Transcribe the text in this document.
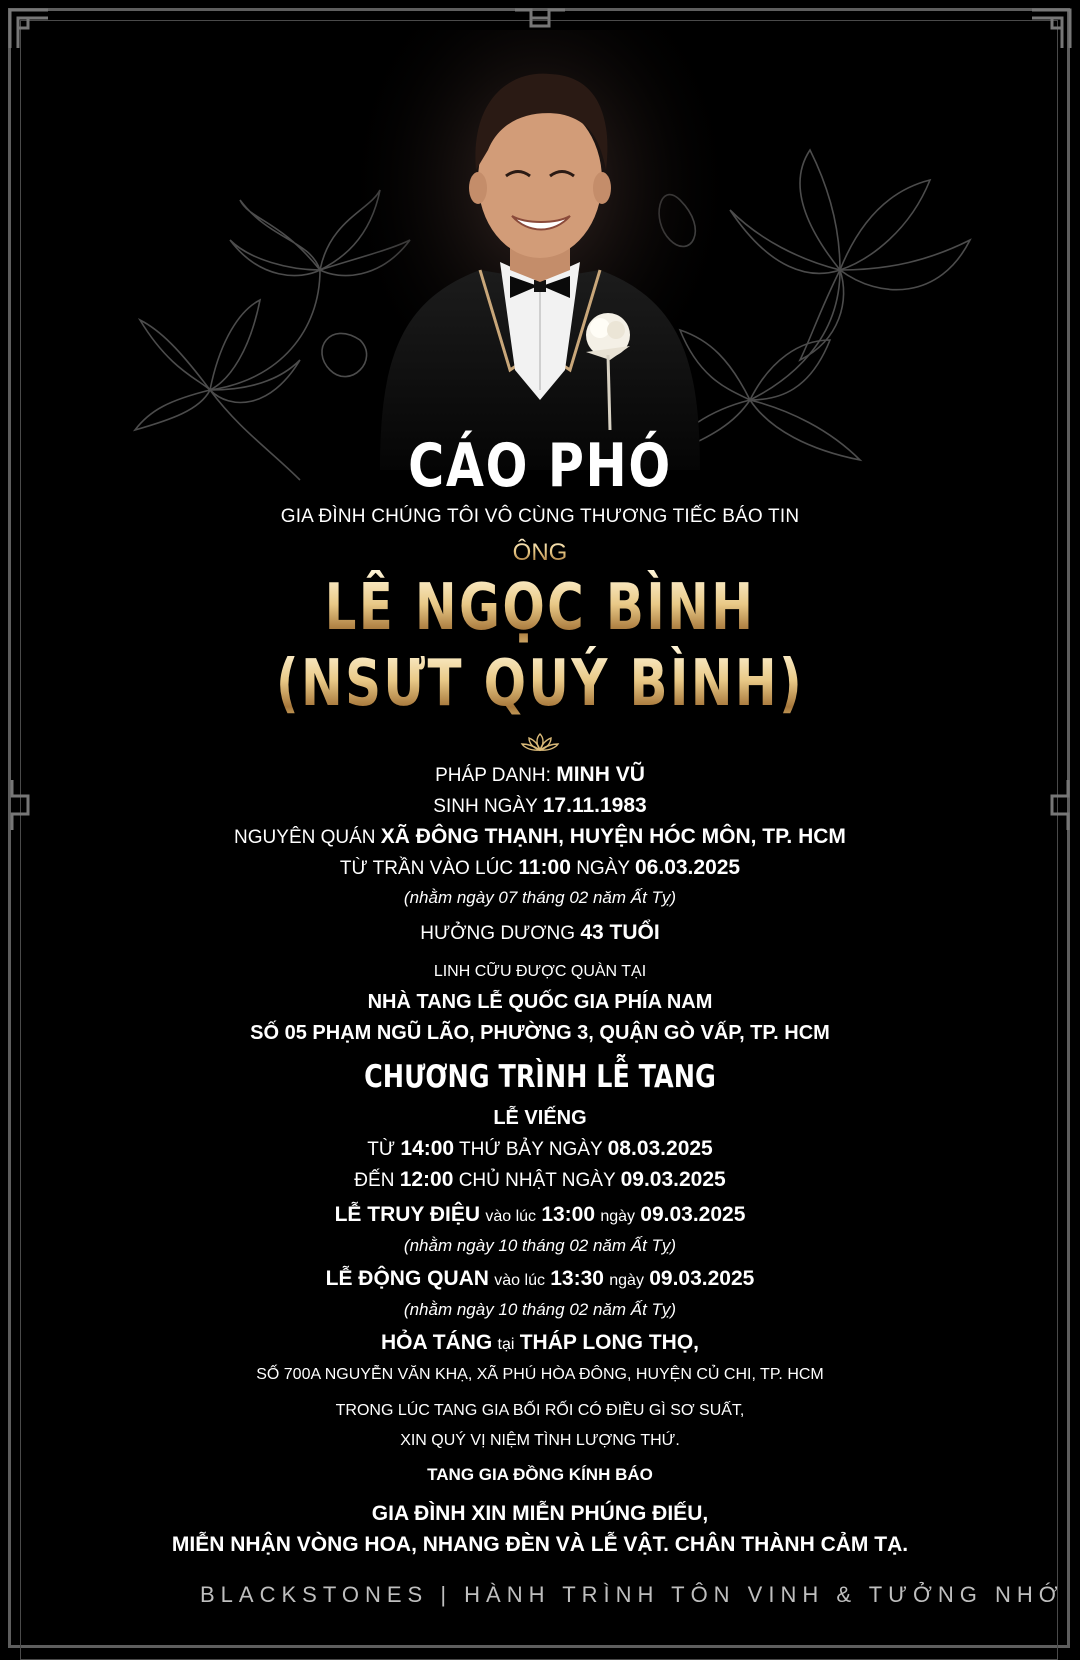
CÁO PHÓ
GIA ĐÌNH CHÚNG TÔI VÔ CÙNG THƯƠNG TIẾC BÁO TIN
ÔNG
LÊ NGỌC BÌNH
(NSƯT QUÝ BÌNH)
PHÁP DANH: MINH VŨ
SINH NGÀY 17.11.1983
NGUYÊN QUÁN XÃ ĐÔNG THẠNH, HUYỆN HÓC MÔN, TP. HCM
TỪ TRẦN VÀO LÚC 11:00 NGÀY 06.03.2025
(nhằm ngày 07 tháng 02 năm Ất Tỵ)
HƯỞNG DƯƠNG 43 TUỔI
LINH CỮU ĐƯỢC QUÀN TẠI
NHÀ TANG LỄ QUỐC GIA PHÍA NAM
SỐ 05 PHẠM NGŨ LÃO, PHƯỜNG 3, QUẬN GÒ VẤP, TP. HCM
CHƯƠNG TRÌNH LỄ TANG
LỄ VIẾNG
TỪ 14:00 THỨ BẢY NGÀY 08.03.2025
ĐẾN 12:00 CHỦ NHẬT NGÀY 09.03.2025
LỄ TRUY ĐIỆU vào lúc 13:00 ngày 09.03.2025
(nhằm ngày 10 tháng 02 năm Ất Tỵ)
LỄ ĐỘNG QUAN vào lúc 13:30 ngày 09.03.2025
(nhằm ngày 10 tháng 02 năm Ất Tỵ)
HỎA TÁNG tại THÁP LONG THỌ,
SỐ 700A NGUYỄN VĂN KHẠ, XÃ PHÚ HÒA ĐÔNG, HUYỆN CỦ CHI, TP. HCM
TRONG LÚC TANG GIA BỐI RỐI CÓ ĐIỀU GÌ SƠ SUẤT,
XIN QUÝ VỊ NIỆM TÌNH LƯỢNG THỨ.
TANG GIA ĐỒNG KÍNH BÁO
GIA ĐÌNH XIN MIỄN PHÚNG ĐIẾU,
MIỄN NHẬN VÒNG HOA, NHANG ĐÈN VÀ LỄ VẬT. CHÂN THÀNH CẢM TẠ.
BLACKSTONES | HÀNH TRÌNH TÔN VINH & TƯỞNG NHỚ
